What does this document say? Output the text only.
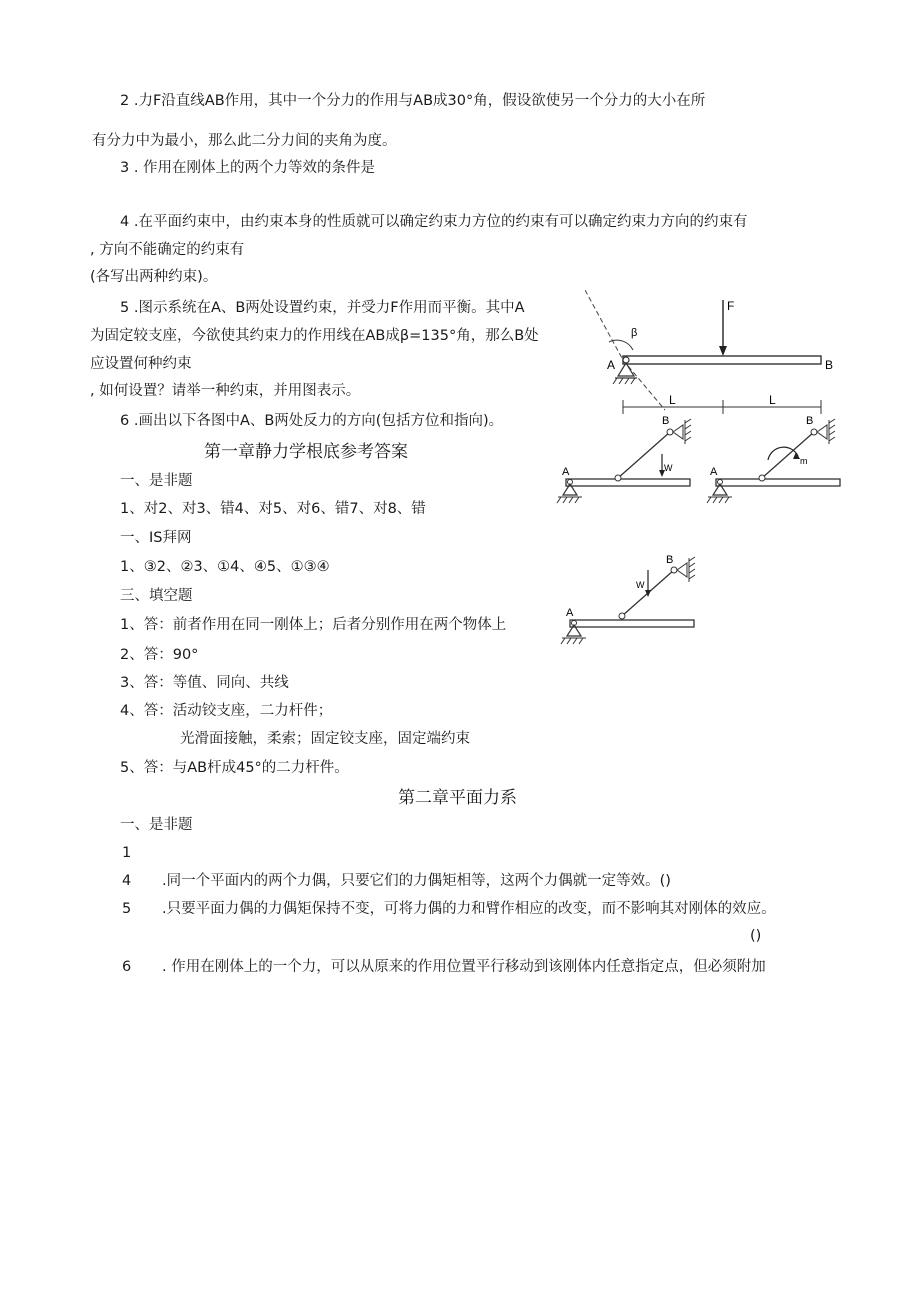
2 .力F沿直线AB作用，其中一个分力的作用与AB成30°角，假设欲使另一个分力的大小在所
有分力中为最小，那么此二分力间的夹角为度。
3 . 作用在刚体上的两个力等效的条件是
4 .在平面约束中，由约束本身的性质就可以确定约束力方位的约束有可以确定约束力方向的约束有
, 方向不能确定的约束有
(各写出两种约束)。
5 .图示系统在A、B两处设置约束，并受力F作用而平衡。其中A
为固定较支座，今欲使其约束力的作用线在AB成β=135°角，那么B处
应设置何种约束
, 如何设置？请举一种约束，并用图表示。
6 .画出以下各图中A、B两处反力的方向(包括方位和指向)。
第一章静力学根底参考答案
一、是非题
1、对2、对3、错4、对5、对6、错7、对8、错
一、IS拜网
1、③2、②3、①4、④5、①③④
三、填空题
1、答：前者作用在同一刚体上；后者分别作用在两个物体上
2、答：90°
3、答：等值、同向、共线
4、答：活动铰支座，二力杆件；
光滑面接触，柔索；固定铰支座，固定端约束
5、答：与AB杆成45°的二力杆件。
第二章平面力系
一、是非题
1
4 .同一个平面内的两个力偶，只要它们的力偶矩相等，这两个力偶就一定等效。()
5 .只要平面力偶的力偶矩保持不变，可将力偶的力和臂作相应的改变，而不影响其对刚体的效应。
()
6 . 作用在刚体上的一个力，可以从原来的作用位置平行移动到该刚体内任意指定点，但必须附加
β
A	B
F
L	L
A
B
W	A
B
m
A
B
W
